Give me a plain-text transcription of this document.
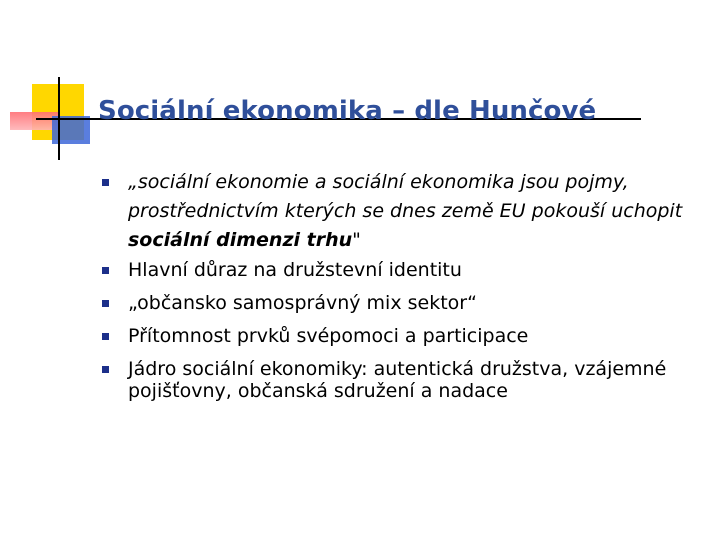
Sociální ekonomika – dle Hunčové
„sociální ekonomie a sociální ekonomika jsou pojmy, prostřednictvím kterých se dnes země EU pokouší uchopit sociální dimenzi trhu"
Hlavní důraz na družstevní identitu
„občansko samosprávný mix sektor“
Přítomnost prvků svépomoci a participace
Jádro sociální ekonomiky: autentická družstva, vzájemné pojišťovny, občanská sdružení a nadace
